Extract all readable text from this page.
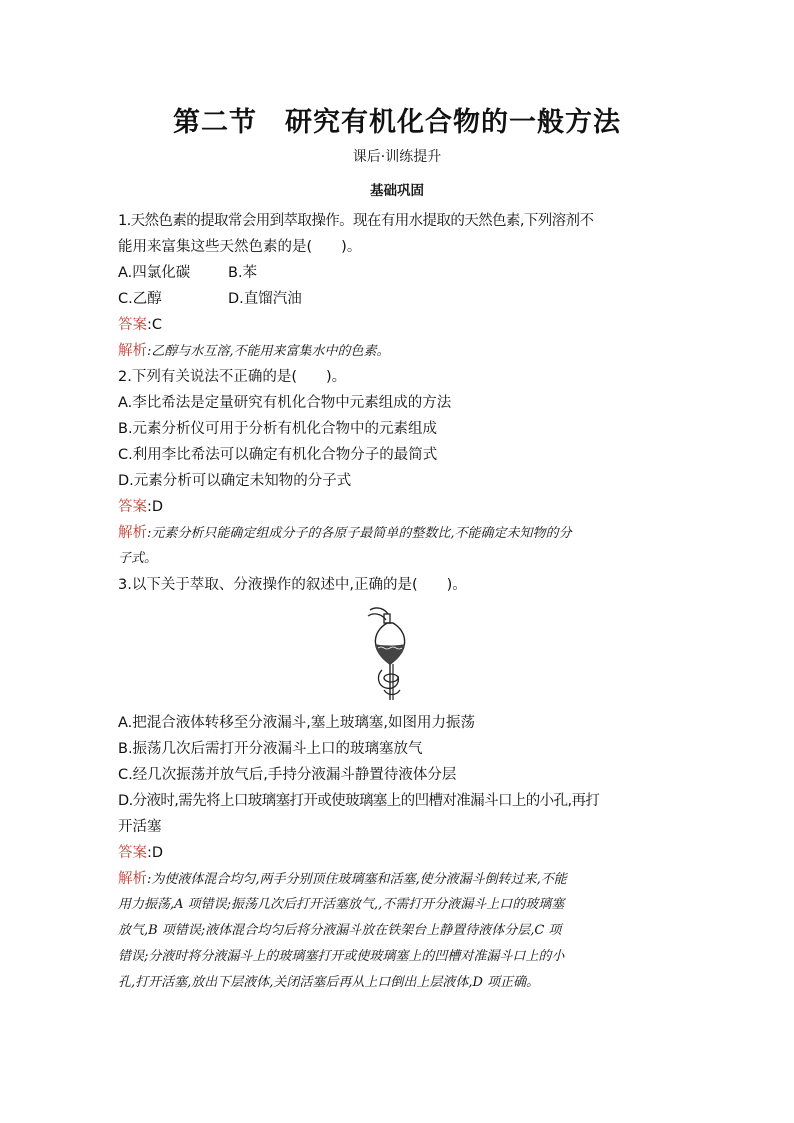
第二节　研究有机化合物的一般方法
课后·训练提升
基础巩固
1.天然色素的提取常会用到萃取操作。现在有用水提取的天然色素,下列溶剂不
能用来富集这些天然色素的是(　　)。
A.四氯化碳	B.苯
C.乙醇	D.直馏汽油
答案:C
解析:乙醇与水互溶,不能用来富集水中的色素。
2.下列有关说法不正确的是(　　)。
A.李比希法是定量研究有机化合物中元素组成的方法
B.元素分析仪可用于分析有机化合物中的元素组成
C.利用李比希法可以确定有机化合物分子的最简式
D.元素分析可以确定未知物的分子式
答案:D
解析:元素分析只能确定组成分子的各原子最简单的整数比,不能确定未知物的分
子式。
3.以下关于萃取、分液操作的叙述中,正确的是(　　)。
A.把混合液体转移至分液漏斗,塞上玻璃塞,如图用力振荡
B.振荡几次后需打开分液漏斗上口的玻璃塞放气
C.经几次振荡并放气后,手持分液漏斗静置待液体分层
D.分液时,需先将上口玻璃塞打开或使玻璃塞上的凹槽对准漏斗口上的小孔,再打
开活塞
答案:D
解析:为使液体混合均匀,两手分别顶住玻璃塞和活塞,使分液漏斗倒转过来,不能
用力振荡,A 项错误;振荡几次后打开活塞放气,,不需打开分液漏斗上口的玻璃塞
放气,B 项错误;液体混合均匀后将分液漏斗放在铁架台上静置待液体分层,C 项
错误;分液时将分液漏斗上的玻璃塞打开或使玻璃塞上的凹槽对准漏斗口上的小
孔,打开活塞,放出下层液体,关闭活塞后再从上口倒出上层液体,D 项正确。
